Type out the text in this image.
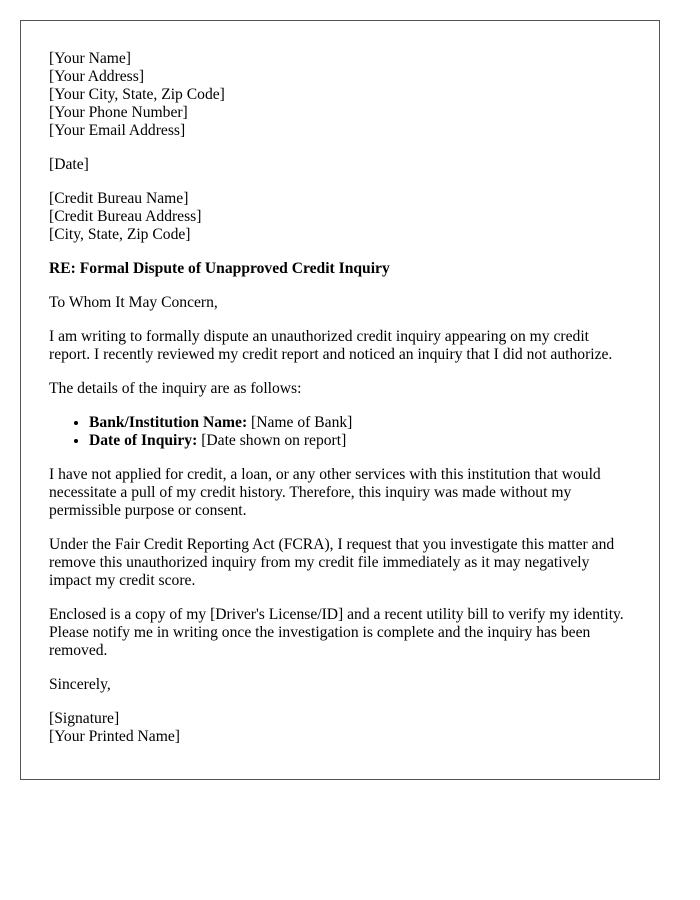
[Your Name]
[Your Address]
[Your City, State, Zip Code]
[Your Phone Number]
[Your Email Address]
[Date]
[Credit Bureau Name]
[Credit Bureau Address]
[City, State, Zip Code]

RE: Formal Dispute of Unapproved Credit Inquiry

To Whom It May Concern,

I am writing to formally dispute an unauthorized credit inquiry appearing on my credit report. I recently reviewed my credit report and noticed an inquiry that I did not authorize.

The details of the inquiry are as follows:

• Bank/Institution Name: [Name of Bank]
• Date of Inquiry: [Date shown on report]

I have not applied for credit, a loan, or any other services with this institution that would necessitate a pull of my credit history. Therefore, this inquiry was made without my permissible purpose or consent.

Under the Fair Credit Reporting Act (FCRA), I request that you investigate this matter and remove this unauthorized inquiry from my credit file immediately as it may negatively impact my credit score.

Enclosed is a copy of my [Driver's License/ID] and a recent utility bill to verify my identity. Please notify me in writing once the investigation is complete and the inquiry has been removed.

Sincerely,

[Signature]
[Your Printed Name]
